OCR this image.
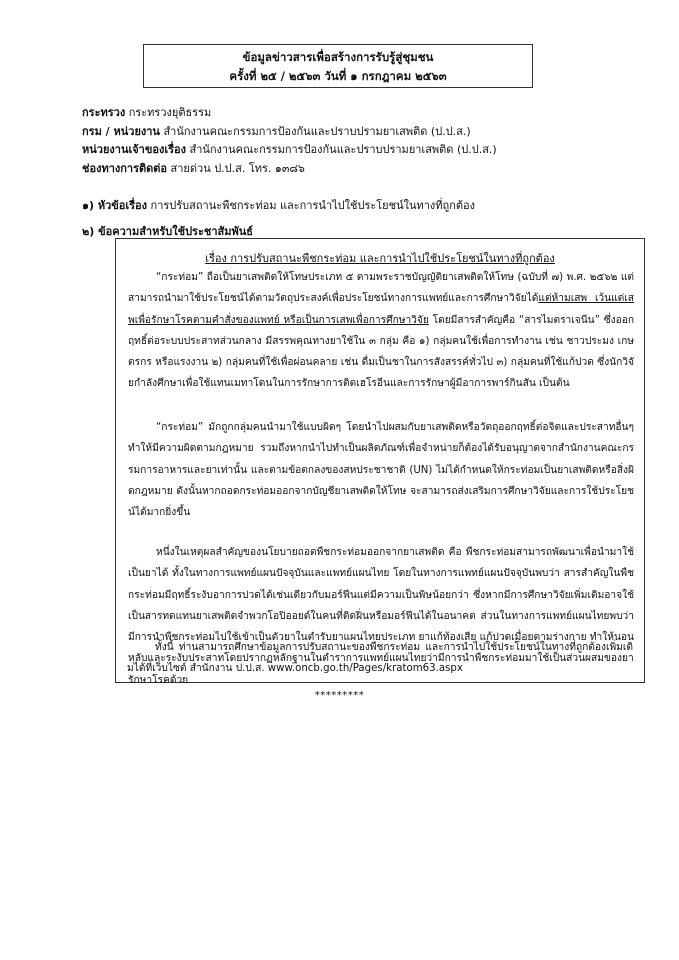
ข้อมูลข่าวสารเพื่อสร้างการรับรู้สู่ชุมชน
ครั้งที่ ๒๕ / ๒๕๖๓ วันที่ ๑ กรกฎาคม ๒๕๖๓
กระทรวง กระทรวงยุติธรรม
กรม / หน่วยงาน สำนักงานคณะกรรมการป้องกันและปราบปรามยาเสพติด (ป.ป.ส.)
หน่วยงานเจ้าของเรื่อง สำนักงานคณะกรรมการป้องกันและปราบปรามยาเสพติด (ป.ป.ส.)
ช่องทางการติดต่อ สายด่วน ป.ป.ส. โทร. ๑๓๘๖
๑) หัวข้อเรื่อง การปรับสถานะพืชกระท่อม และการนำไปใช้ประโยชน์ในทางที่ถูกต้อง
๒) ข้อความสำหรับใช้ประชาสัมพันธ์
เรื่อง การปรับสถานะพืชกระท่อม และการนำไปใช้ประโยชน์ในทางที่ถูกต้อง
“กระท่อม” ถือเป็นยาเสพติดให้โทษประเภท ๕ ตามพระราชบัญญัติยาเสพติดให้โทษ (ฉบับที่ ๗) พ.ศ. ๒๕๖๒ แต่สามารถนำมาใช้ประโยชน์ได้ตามวัตถุประสงค์เพื่อประโยชน์ทางการแพทย์และการศึกษาวิจัยได้แต่ห้ามเสพ เว้นแต่เสพเพื่อรักษาโรคตามคำสั่งของแพทย์ หรือเป็นการเสพเพื่อการศึกษาวิจัย โดยมีสารสำคัญคือ “สารไมตราเจนีน” ซึ่งออกฤทธิ์ต่อระบบประสาทส่วนกลาง มีสรรพคุณทางยาใช้ใน ๓ กลุ่ม คือ ๑) กลุ่มคนใช้เพื่อการทำงาน เช่น ชาวประมง เกษตรกร หรือแรงงาน ๒) กลุ่มคนที่ใช้เพื่อผ่อนคลาย เช่น ดื่มเป็นชาในการสังสรรค์ทั่วไป ๓) กลุ่มคนที่ใช้แก้ปวด ซึ่งนักวิจัยกำลังศึกษาเพื่อใช้แทนเมทาโดนในการรักษาการติดเฮโรอีนและการรักษาผู้มีอาการพาร์กินสัน เป็นต้น
“กระท่อม” มักถูกกลุ่มคนนำมาใช้แบบผิดๆ โดยนำไปผสมกับยาเสพติดหรือวัตถุออกฤทธิ์ต่อจิตและประสาทอื่นๆ ทำให้มีความผิดตามกฎหมาย รวมถึงหากนำไปทำเป็นผลิตภัณฑ์เพื่อจำหน่ายก็ต้องได้รับอนุญาตจากสำนักงานคณะกรรมการอาหารและยาเท่านั้น และตามข้อตกลงของสหประชาชาติ (UN) ไม่ได้กำหนดให้กระท่อมเป็นยาเสพติดหรือสิ่งผิดกฎหมาย ดังนั้นหากถอดกระท่อมออกจากบัญชียาเสพติดให้โทษ จะสามารถส่งเสริมการศึกษาวิจัยและการใช้ประโยชน์ได้มากยิ่งขึ้น
หนึ่งในเหตุผลสำคัญของนโยบายถอดพืชกระท่อมออกจากยาเสพติด คือ พืชกระท่อมสามารถพัฒนาเพื่อนำมาใช้เป็นยาได้ ทั้งในทางการแพทย์แผนปัจจุบันและแพทย์แผนไทย โดยในทางการแพทย์แผนปัจจุบันพบว่า สารสำคัญในพืชกระท่อมมีฤทธิ์ระงับอาการปวดได้เช่นเดียวกับมอร์ฟีนแต่มีความเป็นพิษน้อยกว่า ซึ่งหากมีการศึกษาวิจัยเพิ่มเติมอาจใช้เป็นสารทดแทนยาเสพติดจำพวกโอปิออยด์ในคนที่ติดฝิ่นหรือมอร์ฟีนได้ในอนาคต ส่วนในทางการแพทย์แผนไทยพบว่ามีการนำพืชกระท่อมไปใช้เข้าเป็นตัวยาในตำรับยาแผนไทยประเภท ยาแก้ท้องเสีย แก้ปวดเมื่อยตามร่างกาย ทำให้นอนหลับและระงับประสาทโดยปรากฏหลักฐานในตำราการแพทย์แผนไทยว่ามีการนำพืชกระท่อมมาใช้เป็นส่วนผสมของยารักษาโรคด้วย
ทั้งนี้ ท่านสามารถศึกษาข้อมูลการปรับสถานะของพืชกระท่อม และการนำไปใช้ประโยชน์ในทางที่ถูกต้องเพิ่มเติมได้ที่เว็บไซต์ สำนักงาน ป.ป.ส. www.oncb.go.th/Pages/kratom63.aspx
*********
